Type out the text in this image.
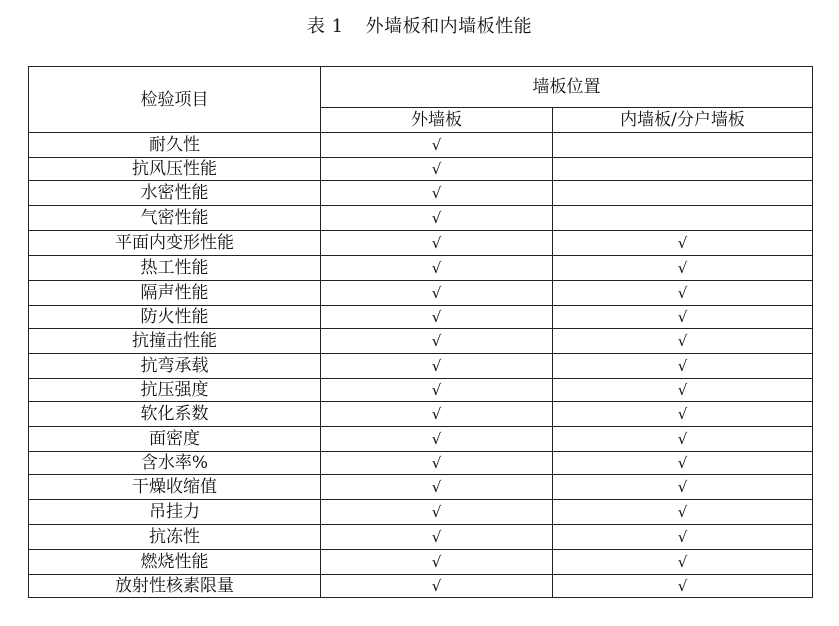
表 1 外墙板和内墙板性能
检验项目	墙板位置	
	外墙板	内墙板/分户墙板
耐久性	√	
抗风压性能	√	
水密性能	√	
气密性能	√	
平面内变形性能	√	√
热工性能	√	√
隔声性能	√	√
防火性能	√	√
抗撞击性能	√	√
抗弯承载	√	√
抗压强度	√	√
软化系数	√	√
面密度	√	√
含水率%	√	√
干燥收缩值	√	√
吊挂力	√	√
抗冻性	√	√
燃烧性能	√	√
放射性核素限量	√	√
